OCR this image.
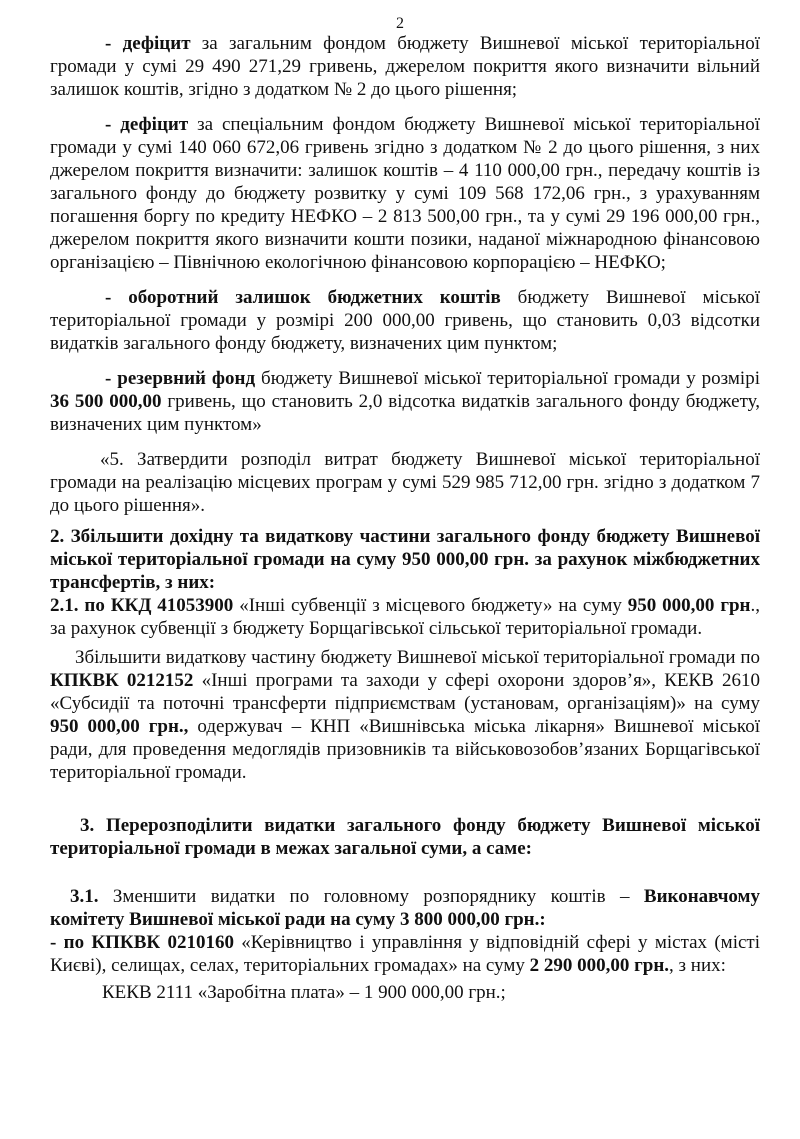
2

- дефіцит за загальним фондом бюджету Вишневої міської територіальної громади у сумі 29 490 271,29 гривень, джерелом покриття якого визначити вільний залишок коштів, згідно з додатком № 2 до цього рішення;

- дефіцит за спеціальним фондом бюджету Вишневої міської територіальної громади у сумі 140 060 672,06 гривень згідно з додатком № 2 до цього рішення, з них джерелом покриття визначити: залишок коштів – 4 110 000,00 грн., передачу коштів із загального фонду до бюджету розвитку у сумі 109 568 172,06 грн., з урахуванням погашення боргу по кредиту НЕФКО – 2 813 500,00 грн., та у сумі 29 196 000,00 грн., джерелом покриття якого визначити кошти позики, наданої міжнародною фінансовою організацією – Північною екологічною фінансовою корпорацією – НЕФКО;

- оборотний залишок бюджетних коштів бюджету Вишневої міської територіальної громади у розмірі 200 000,00 гривень, що становить 0,03 відсотки видатків загального фонду бюджету, визначених цим пунктом;

- резервний фонд бюджету Вишневої міської територіальної громади у розмірі 36 500 000,00 гривень, що становить 2,0 відсотка видатків загального фонду бюджету, визначених цим пунктом»

«5. Затвердити розподіл витрат бюджету Вишневої міської територіальної громади на реалізацію місцевих програм у сумі 529 985 712,00 грн. згідно з додатком 7 до цього рішення».

2. Збільшити дохідну та видаткову частини загального фонду бюджету Вишневої міської територіальної громади на суму 950 000,00 грн. за рахунок міжбюджетних трансфертів, з них:

2.1. по ККД 41053900 «Інші субвенції з місцевого бюджету» на суму 950 000,00 грн., за рахунок субвенції з бюджету Борщагівської сільської територіальної громади.

Збільшити видаткову частину бюджету Вишневої міської територіальної громади по КПКВК 0212152 «Інші програми та заходи у сфері охорони здоров’я», КЕКВ 2610 «Субсидії та поточні трансферти підприємствам (установам, організаціям)» на суму 950 000,00 грн., одержувач – КНП «Вишнівська міська лікарня» Вишневої міської ради, для проведення медоглядів призовників та військовозобов’язаних Борщагівської територіальної громади.

3. Перерозподілити видатки загального фонду бюджету Вишневої міської територіальної громади в межах загальної суми, а саме:

3.1. Зменшити видатки по головному розпоряднику коштів – Виконавчому комітету Вишневої міської ради на суму 3 800 000,00 грн.:

- по КПКВК 0210160 «Керівництво і управління у відповідній сфері у містах (місті Києві), селищах, селах, територіальних громадах» на суму 2 290 000,00 грн., з них:

КЕКВ 2111 «Заробітна плата» – 1 900 000,00 грн.;
